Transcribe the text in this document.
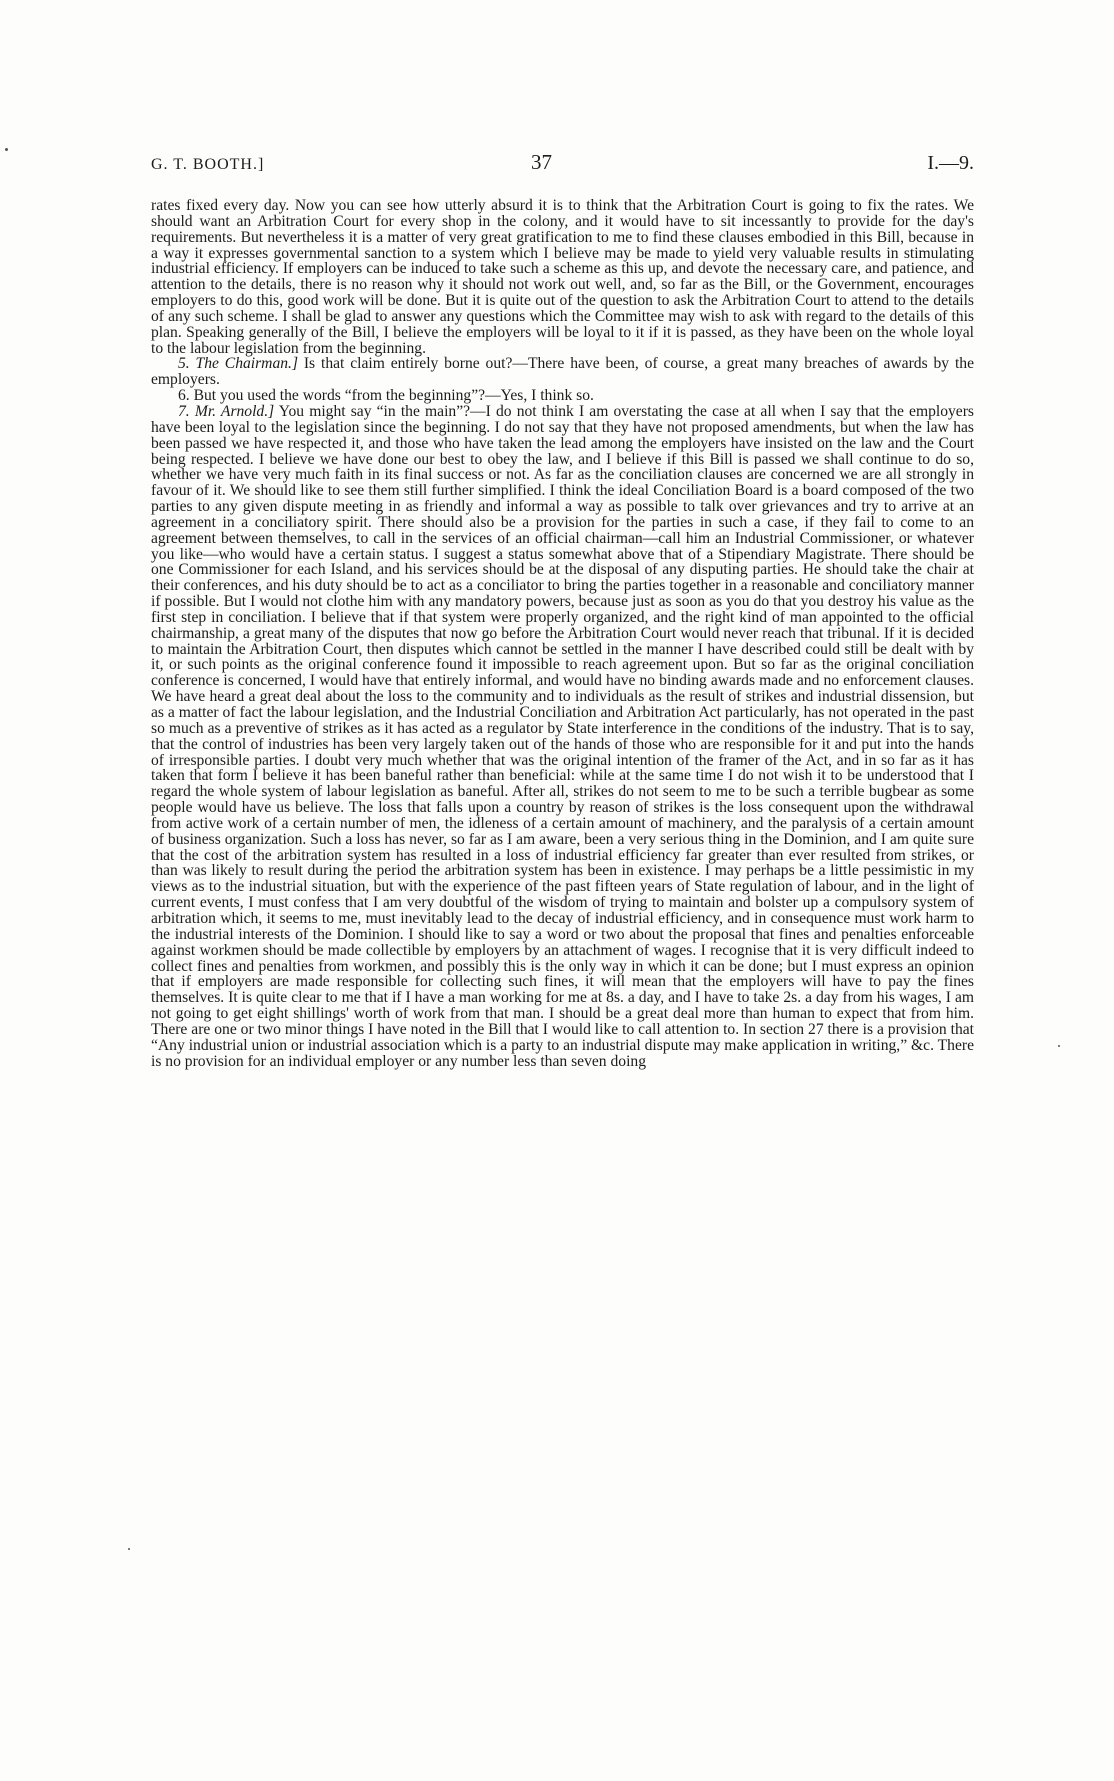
G. T. BOOTH.]	37	I.—9.

rates fixed every day. Now you can see how utterly absurd it is to think that the Arbitration Court is going to fix the rates. We should want an Arbitration Court for every shop in the colony, and it would have to sit incessantly to provide for the day's requirements. But nevertheless it is a matter of very great gratification to me to find these clauses embodied in this Bill, because in a way it expresses governmental sanction to a system which I believe may be made to yield very valuable results in stimulating industrial efficiency. If employers can be induced to take such a scheme as this up, and devote the necessary care, and patience, and attention to the details, there is no reason why it should not work out well, and, so far as the Bill, or the Government, encourages employers to do this, good work will be done. But it is quite out of the question to ask the Arbitration Court to attend to the details of any such scheme. I shall be glad to answer any questions which the Committee may wish to ask with regard to the details of this plan. Speaking generally of the Bill, I believe the employers will be loyal to it if it is passed, as they have been on the whole loyal to the labour legislation from the beginning.

5. The Chairman.] Is that claim entirely borne out?—There have been, of course, a great many breaches of awards by the employers.

6. But you used the words “from the beginning”?—Yes, I think so.

7. Mr. Arnold.] You might say “in the main”?—I do not think I am overstating the case at all when I say that the employers have been loyal to the legislation since the beginning. I do not say that they have not proposed amendments, but when the law has been passed we have respected it, and those who have taken the lead among the employers have insisted on the law and the Court being respected. I believe we have done our best to obey the law, and I believe if this Bill is passed we shall continue to do so, whether we have very much faith in its final success or not. As far as the conciliation clauses are concerned we are all strongly in favour of it. We should like to see them still further simplified. I think the ideal Conciliation Board is a board composed of the two parties to any given dispute meeting in as friendly and informal a way as possible to talk over grievances and try to arrive at an agreement in a conciliatory spirit. There should also be a provision for the parties in such a case, if they fail to come to an agreement between themselves, to call in the services of an official chairman—call him an Industrial Commissioner, or whatever you like—who would have a certain status. I suggest a status somewhat above that of a Stipendiary Magistrate. There should be one Commissioner for each Island, and his services should be at the disposal of any disputing parties. He should take the chair at their conferences, and his duty should be to act as a conciliator to bring the parties together in a reasonable and conciliatory manner if possible. But I would not clothe him with any mandatory powers, because just as soon as you do that you destroy his value as the first step in conciliation. I believe that if that system were properly organized, and the right kind of man appointed to the official chairmanship, a great many of the disputes that now go before the Arbitration Court would never reach that tribunal. If it is decided to maintain the Arbitration Court, then disputes which cannot be settled in the manner I have described could still be dealt with by it, or such points as the original conference found it impossible to reach agreement upon. But so far as the original conciliation conference is concerned, I would have that entirely informal, and would have no binding awards made and no enforcement clauses. We have heard a great deal about the loss to the community and to individuals as the result of strikes and industrial dissension, but as a matter of fact the labour legislation, and the Industrial Conciliation and Arbitration Act particularly, has not operated in the past so much as a preventive of strikes as it has acted as a regulator by State interference in the conditions of the industry. That is to say, that the control of industries has been very largely taken out of the hands of those who are responsible for it and put into the hands of irresponsible parties. I doubt very much whether that was the original intention of the framer of the Act, and in so far as it has taken that form I believe it has been baneful rather than beneficial: while at the same time I do not wish it to be understood that I regard the whole system of labour legislation as baneful. After all, strikes do not seem to me to be such a terrible bugbear as some people would have us believe. The loss that falls upon a country by reason of strikes is the loss consequent upon the withdrawal from active work of a certain number of men, the idleness of a certain amount of machinery, and the paralysis of a certain amount of business organization. Such a loss has never, so far as I am aware, been a very serious thing in the Dominion, and I am quite sure that the cost of the arbitration system has resulted in a loss of industrial efficiency far greater than ever resulted from strikes, or than was likely to result during the period the arbitration system has been in existence. I may perhaps be a little pessimistic in my views as to the industrial situation, but with the experience of the past fifteen years of State regulation of labour, and in the light of current events, I must confess that I am very doubtful of the wisdom of trying to maintain and bolster up a compulsory system of arbitration which, it seems to me, must inevitably lead to the decay of industrial efficiency, and in consequence must work harm to the industrial interests of the Dominion. I should like to say a word or two about the proposal that fines and penalties enforceable against workmen should be made collectible by employers by an attachment of wages. I recognise that it is very difficult indeed to collect fines and penalties from workmen, and possibly this is the only way in which it can be done; but I must express an opinion that if employers are made responsible for collecting such fines, it will mean that the employers will have to pay the fines themselves. It is quite clear to me that if I have a man working for me at 8s. a day, and I have to take 2s. a day from his wages, I am not going to get eight shillings' worth of work from that man. I should be a great deal more than human to expect that from him. There are one or two minor things I have noted in the Bill that I would like to call attention to. In section 27 there is a provision that “Any industrial union or industrial association which is a party to an industrial dispute may make application in writing,” &c. There is no provision for an individual employer or any number less than seven doing
